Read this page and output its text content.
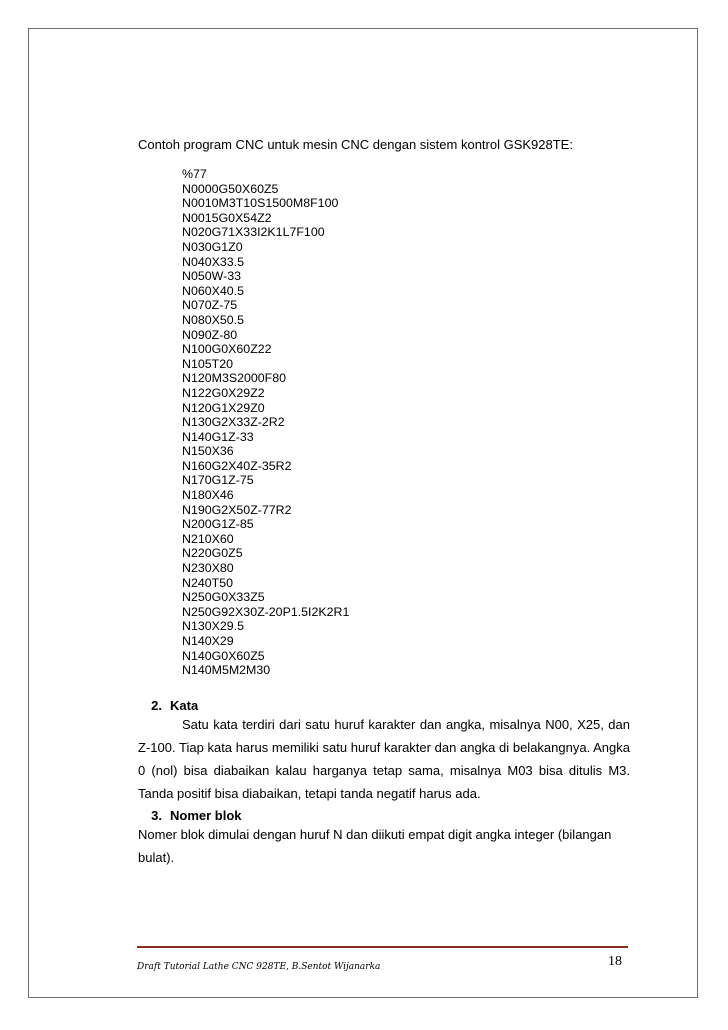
Contoh program CNC untuk mesin CNC dengan sistem kontrol GSK928TE:

%77
N0000G50X60Z5
N0010M3T10S1500M8F100
N0015G0X54Z2
N020G71X33I2K1L7F100
N030G1Z0
N040X33.5
N050W-33
N060X40.5
N070Z-75
N080X50.5
N090Z-80
N100G0X60Z22
N105T20
N120M3S2000F80
N122G0X29Z2
N120G1X29Z0
N130G2X33Z-2R2
N140G1Z-33
N150X36
N160G2X40Z-35R2
N170G1Z-75
N180X46
N190G2X50Z-77R2
N200G1Z-85
N210X60
N220G0Z5
N230X80
N240T50
N250G0X33Z5
N250G92X30Z-20P1.5I2K2R1
N130X29.5
N140X29
N140G0X60Z5
N140M5M2M30
2. Kata

Satu kata terdiri dari satu huruf karakter dan angka, misalnya N00, X25, dan Z-100. Tiap kata harus memiliki satu huruf karakter dan angka di belakangnya. Angka 0 (nol) bisa diabaikan kalau harganya tetap sama, misalnya M03 bisa ditulis M3. Tanda positif bisa diabaikan, tetapi tanda negatif harus ada.

3. Nomer blok

Nomer blok dimulai dengan huruf N dan diikuti empat digit angka integer (bilangan bulat).

Draft Tutorial Lathe CNC 928TE, B.Sentot Wijanarka	18
